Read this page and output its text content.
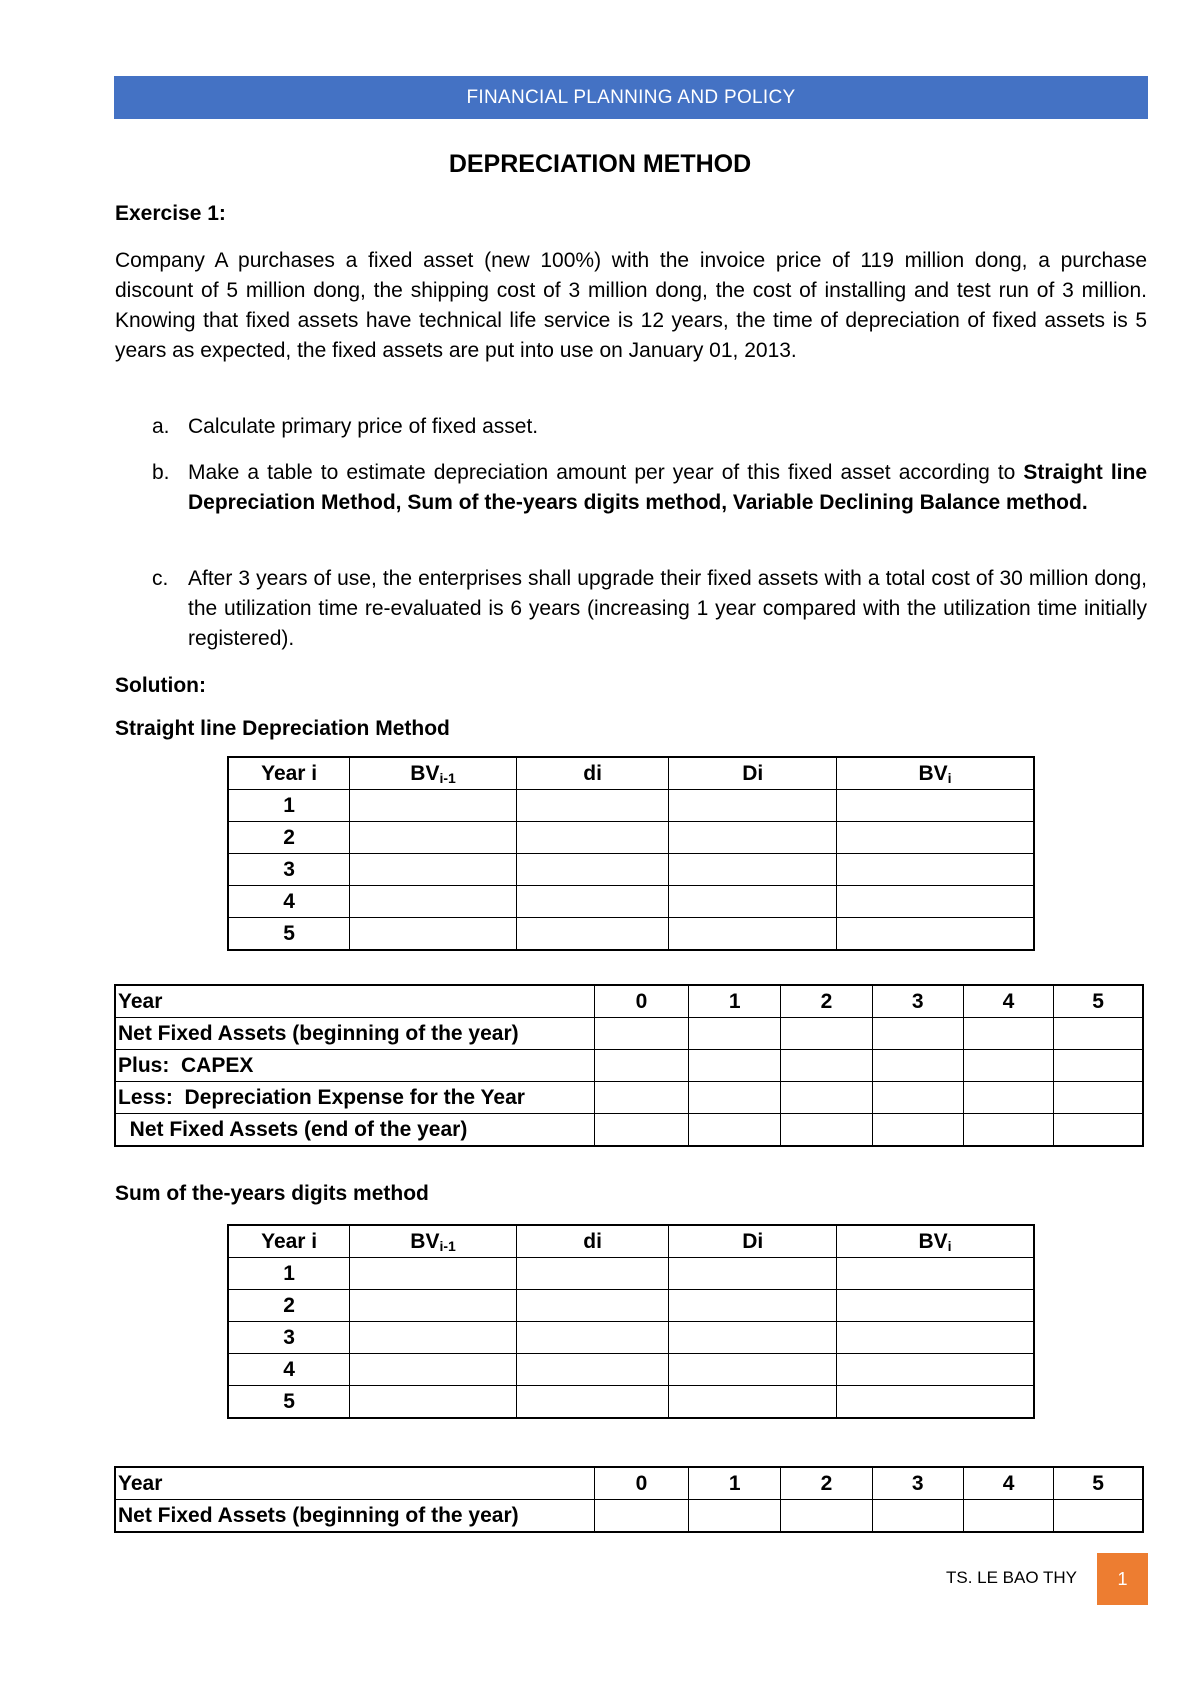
FINANCIAL PLANNING AND POLICY
DEPRECIATION METHOD
Exercise 1:
Company A purchases a fixed asset (new 100%) with the invoice price of 119 million dong, a purchase discount of 5 million dong, the shipping cost of 3 million dong, the cost of installing and test run of 3 million. Knowing that fixed assets have technical life service is 12 years, the time of depreciation of fixed assets is 5 years as expected, the fixed assets are put into use on January 01, 2013.
a. Calculate primary price of fixed asset.
b. Make a table to estimate depreciation amount per year of this fixed asset according to Straight line Depreciation Method, Sum of the-years digits method, Variable Declining Balance method.
c. After 3 years of use, the enterprises shall upgrade their fixed assets with a total cost of 30 million dong, the utilization time re-evaluated is 6 years (increasing 1 year compared with the utilization time initially registered).
Solution:
Straight line Depreciation Method
Year i	$BV_{i-1}$	di	Di	$BV_i$
1				
2				
3				
4				
5				
Year	0	1	2	3	4	5
Net Fixed Assets (beginning of the year)						
Plus:  CAPEX						
Less:  Depreciation Expense for the Year						
Net Fixed Assets (end of the year)						
Sum of the-years digits method
Year i	$BV_{i-1}$	di	Di	$BV_i$
1				
2				
3				
4				
5				
Year	0	1	2	3	4	5
Net Fixed Assets (beginning of the year)						
TS. LE BAO THY 1
